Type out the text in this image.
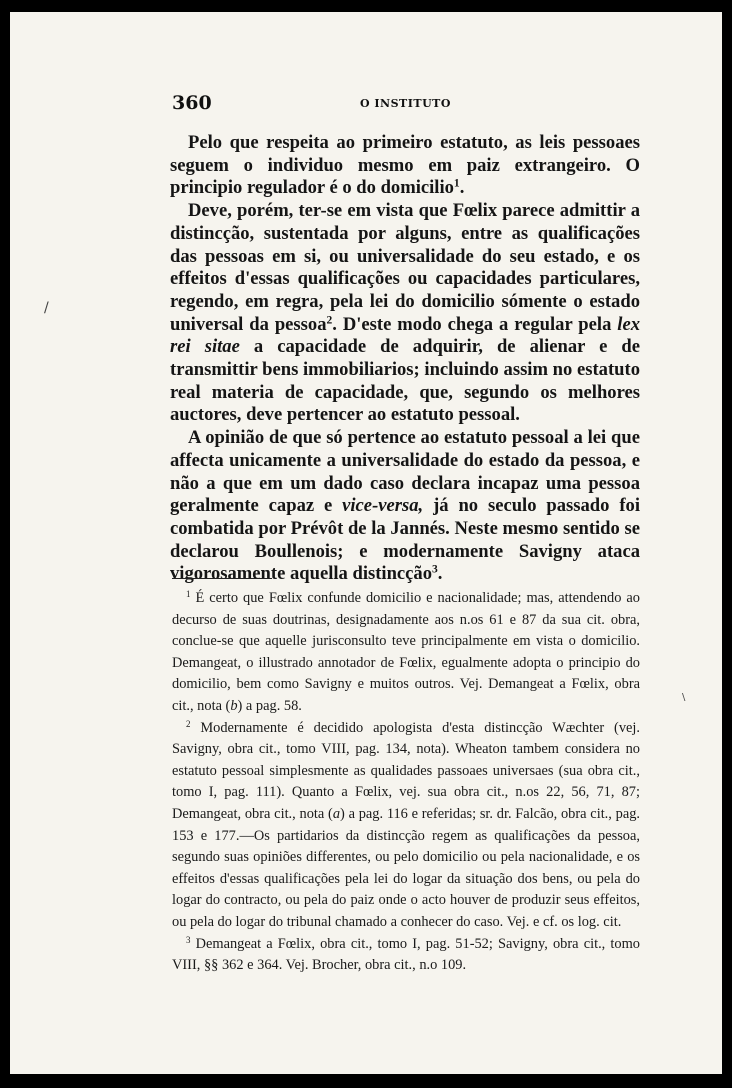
360	O INSTITUTO

Pelo que respeita ao primeiro estatuto, as leis pessoaes seguem o individuo mesmo em paiz extrangeiro. O principio regulador é o do domicilio$^1$.

Deve, porém, ter-se em vista que Fœlix parece admittir a distincção, sustentada por alguns, entre as qualificações das pessoas em si, ou universalidade do seu estado, e os effeitos d'essas qualificações ou capacidades particulares, regendo, em regra, pela lei do domicilio sómente o estado universal da pessoa$^2$. D'este modo chega a regular pela lex rei sitae a capacidade de adquirir, de alienar e de transmittir bens immobiliarios; incluindo assim no estatuto real materia de capacidade, que, segundo os melhores auctores, deve pertencer ao estatuto pessoal.

A opinião de que só pertence ao estatuto pessoal a lei que affecta unicamente a universalidade do estado da pessoa, e não a que em um dado caso declara incapaz uma pessoa geralmente capaz e vice-versa, já no seculo passado foi combatida por Prévôt de la Jannés. Neste mesmo sentido se declarou Boullenois; e modernamente Savigny ataca vigorosamente aquella distincção$^3$.

$^1$ É certo que Fœlix confunde domicilio e nacionalidade; mas, attendendo ao decurso de suas doutrinas, designadamente aos n.os 61 e 87 da sua cit. obra, conclue-se que aquelle jurisconsulto teve principalmente em vista o domicilio. Demangeat, o illustrado annotador de Fœlix, egualmente adopta o principio do domicilio, bem como Savigny e muitos outros. Vej. Demangeat a Fœlix, obra cit., nota (b) a pag. 58.

$^2$ Modernamente é decidido apologista d'esta distincção Wæchter (vej. Savigny, obra cit., tomo VIII, pag. 134, nota). Wheaton tambem considera no estatuto pessoal simplesmente as qualidades passoaes universaes (sua obra cit., tomo I, pag. 111). Quanto a Fœlix, vej. sua obra cit., n.os 22, 56, 71, 87; Demangeat, obra cit., nota (a) a pag. 116 e referidas; sr. dr. Falcão, obra cit., pag. 153 e 177.—Os partidarios da distincção regem as qualificações da pessoa, segundo suas opiniões differentes, ou pelo domicilio ou pela nacionalidade, e os effeitos d'essas qualificações pela lei do logar da situação dos bens, ou pela do logar do contracto, ou pela do paiz onde o acto houver de produzir seus effeitos, ou pela do logar do tribunal chamado a conhecer do caso. Vej. e cf. os log. cit.

$^3$ Demangeat a Fœlix, obra cit., tomo I, pag. 51-52; Savigny, obra cit., tomo VIII, §§ 362 e 364. Vej. Brocher, obra cit., n.o 109.

/
\
